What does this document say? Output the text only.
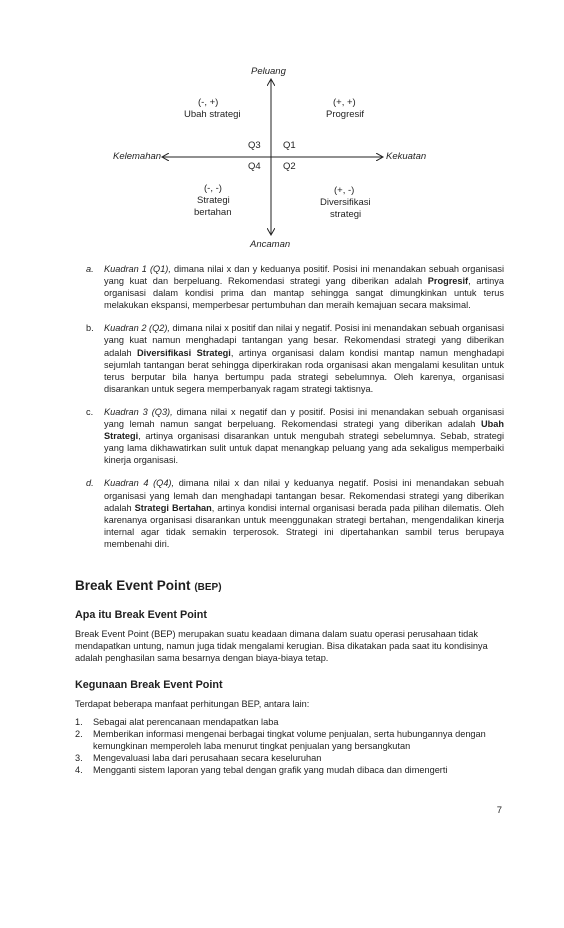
Peluang
Ancaman
Kelemahan	Kekuatan
(-, +)
Ubah strategi
(+, +)
Progresif
Q3 Q1
Q4 Q2
(-, -)
Strategi
bertahan
(+, -)
Diversifikasi
strategi
a. Kuadran 1 (Q1), dimana nilai x dan y keduanya positif. Posisi ini menandakan sebuah organisasi yang kuat dan berpeluang. Rekomendasi strategi yang diberikan adalah Progresif, artinya organisasi dalam kondisi prima dan mantap sehingga sangat dimungkinkan untuk terus melakukan ekspansi, memperbesar pertumbuhan dan meraih kemajuan secara maksimal.
b. Kuadran 2 (Q2), dimana nilai x positif dan nilai y negatif. Posisi ini menandakan sebuah organisasi yang kuat namun menghadapi tantangan yang besar. Rekomendasi strategi yang diberikan adalah Diversifikasi Strategi, artinya organisasi dalam kondisi mantap namun menghadapi sejumlah tantangan berat sehingga diperkirakan roda organisasi akan mengalami kesulitan untuk terus berputar bila hanya bertumpu pada strategi sebelumnya. Oleh karenya, organisasi disarankan untuk segera memperbanyak ragam strategi taktisnya.
c. Kuadran 3 (Q3), dimana nilai x negatif dan y positif. Posisi ini menandakan sebuah organisasi yang lemah namun sangat berpeluang. Rekomendasi strategi yang diberikan adalah Ubah Strategi, artinya organisasi disarankan untuk mengubah strategi sebelumnya. Sebab, strategi yang lama dikhawatirkan sulit untuk dapat menangkap peluang yang ada sekaligus memperbaiki kinerja organisasi.
d. Kuadran 4 (Q4), dimana nilai x dan nilai y keduanya negatif. Posisi ini menandakan sebuah organisasi yang lemah dan menghadapi tantangan besar. Rekomendasi strategi yang diberikan adalah Strategi Bertahan, artinya kondisi internal organisasi berada pada pilihan dilematis. Oleh karenanya organisasi disarankan untuk meenggunakan strategi bertahan, mengendalikan kinerja internal agar tidak semakin terperosok. Strategi ini dipertahankan sambil terus berupaya membenahi diri.
Break Event Point (BEP)
Apa itu Break Event Point
Break Event Point (BEP) merupakan suatu keadaan dimana dalam suatu operasi perusahaan tidak mendapatkan untung, namun juga tidak mengalami kerugian. Bisa dikatakan pada saat itu kondisinya adalah penghasilan sama besarnya dengan biaya-biaya tetap.
Kegunaan Break Event Point
Terdapat beberapa manfaat perhitungan BEP, antara lain:
1. Sebagai alat perencanaan mendapatkan laba
2. Memberikan informasi mengenai berbagai tingkat volume penjualan, serta hubungannya dengan kemungkinan memperoleh laba menurut tingkat penjualan yang bersangkutan
3. Mengevaluasi laba dari perusahaan secara keseluruhan
4. Mengganti sistem laporan yang tebal dengan grafik yang mudah dibaca dan dimengerti
7
